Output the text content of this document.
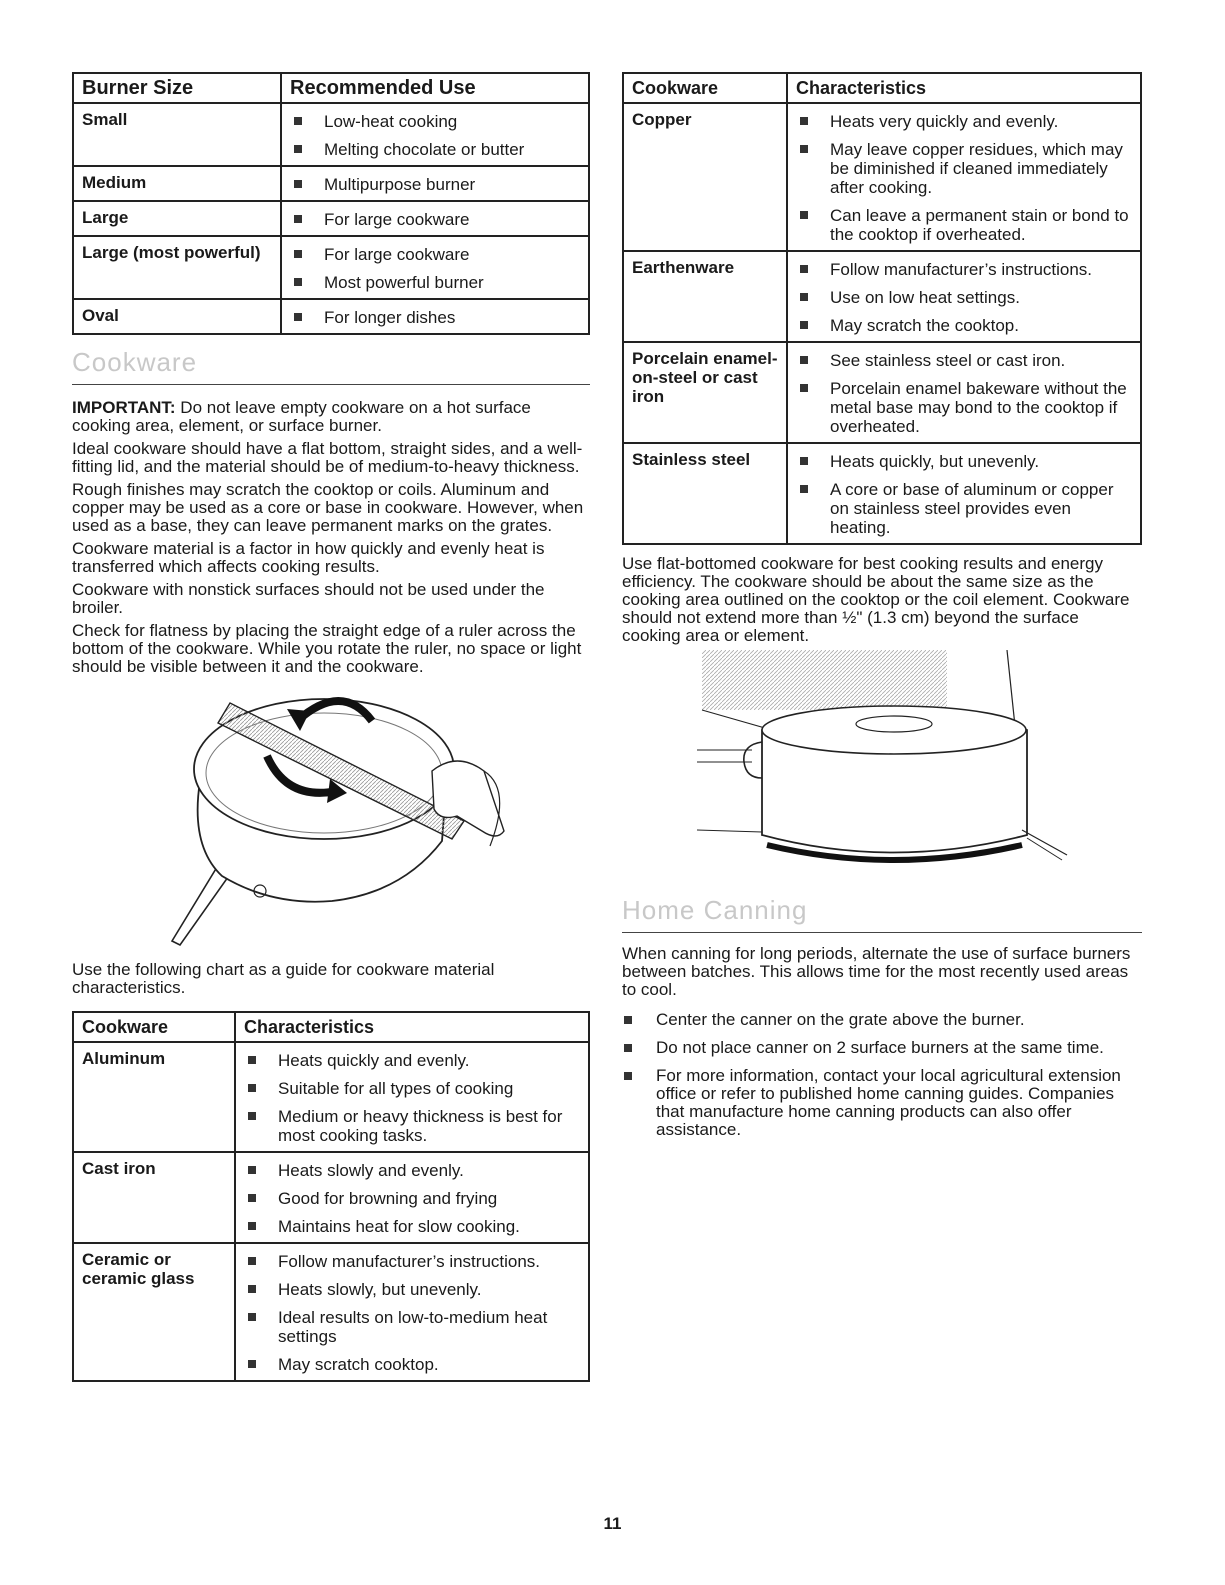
Burner Size	Recommended Use
Small	Low-heat cooking
Melting chocolate or butter

Medium	Multipurpose burner

Large	For large cookware

Large (most powerful)	For large cookware
Most powerful burner

Oval	For longer dishes
Cookware

IMPORTANT: Do not leave empty cookware on a hot surface cooking area, element, or surface burner.

Ideal cookware should have a flat bottom, straight sides, and a well-fitting lid, and the material should be of medium-to-heavy thickness.

Rough finishes may scratch the cooktop or coils. Aluminum and copper may be used as a core or base in cookware. However, when used as a base, they can leave permanent marks on the grates.

Cookware material is a factor in how quickly and evenly heat is transferred which affects cooking results.

Cookware with nonstick surfaces should not be used under the broiler.

Check for flatness by placing the straight edge of a ruler across the bottom of the cookware. While you rotate the ruler, no space or light should be visible between it and the cookware.

Use the following chart as a guide for cookware material characteristics.

Cookware	Characteristics
Aluminum	Heats quickly and evenly.
Suitable for all types of cooking
Medium or heavy thickness is best for most cooking tasks.

Cast iron	Heats slowly and evenly.
Good for browning and frying
Maintains heat for slow cooking.

Ceramic or ceramic glass	Follow manufacturer’s instructions.
Heats slowly, but unevenly.
Ideal results on low-to-medium heat settings
May scratch cooktop.
Cookware	Characteristics
Copper	Heats very quickly and evenly.
May leave copper residues, which may be diminished if cleaned immediately after cooking.
Can leave a permanent stain or bond to the cooktop if overheated.

Earthenware	Follow manufacturer’s instructions.
Use on low heat settings.
May scratch the cooktop.

Porcelain enamel-on-steel or cast iron	See stainless steel or cast iron.
Porcelain enamel bakeware without the metal base may bond to the cooktop if overheated.

Stainless steel	Heats quickly, but unevenly.
A core or base of aluminum or copper on stainless steel provides even heating.

Use flat-bottomed cookware for best cooking results and energy efficiency. The cookware should be about the same size as the cooking area outlined on the cooktop or the coil element. Cookware should not extend more than ½" (1.3 cm) beyond the surface cooking area or element.

Home Canning

When canning for long periods, alternate the use of surface burners between batches. This allows time for the most recently used areas to cool.

Center the canner on the grate above the burner.
Do not place canner on 2 surface burners at the same time.
For more information, contact your local agricultural extension office or refer to published home canning guides. Companies that manufacture home canning products can also offer assistance.
11
